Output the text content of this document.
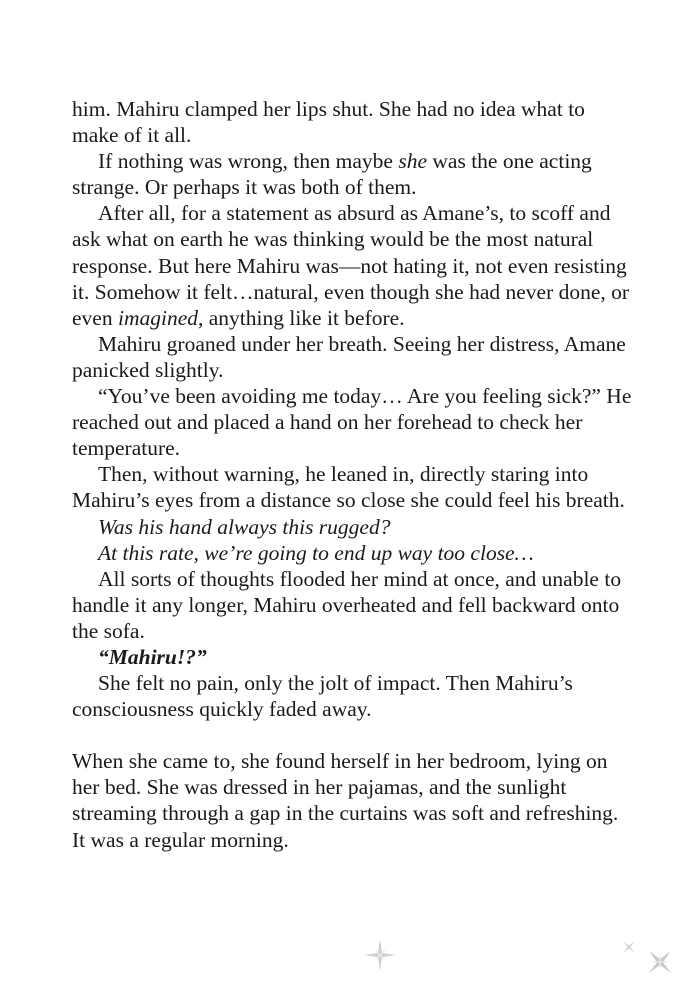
him. Mahiru clamped her lips shut. She had no idea what to make of it all.

If nothing was wrong, then maybe she was the one acting strange. Or perhaps it was both of them.

After all, for a statement as absurd as Amane’s, to scoff and ask what on earth he was thinking would be the most natural response. But here Mahiru was—not hating it, not even resisting it. Somehow it felt…natural, even though she had never done, or even imagined, anything like it before.

Mahiru groaned under her breath. Seeing her distress, Amane panicked slightly.

“You’ve been avoiding me today… Are you feeling sick?” He reached out and placed a hand on her forehead to check her temperature.

Then, without warning, he leaned in, directly staring into Mahiru’s eyes from a distance so close she could feel his breath.

Was his hand always this rugged?

At this rate, we’re going to end up way too close…

All sorts of thoughts flooded her mind at once, and unable to handle it any longer, Mahiru overheated and fell backward onto the sofa.

“Mahiru!?”

She felt no pain, only the jolt of impact. Then Mahiru’s consciousness quickly faded away.

When she came to, she found herself in her bedroom, lying on her bed. She was dressed in her pajamas, and the sunlight streaming through a gap in the curtains was soft and refreshing. It was a regular morning.
